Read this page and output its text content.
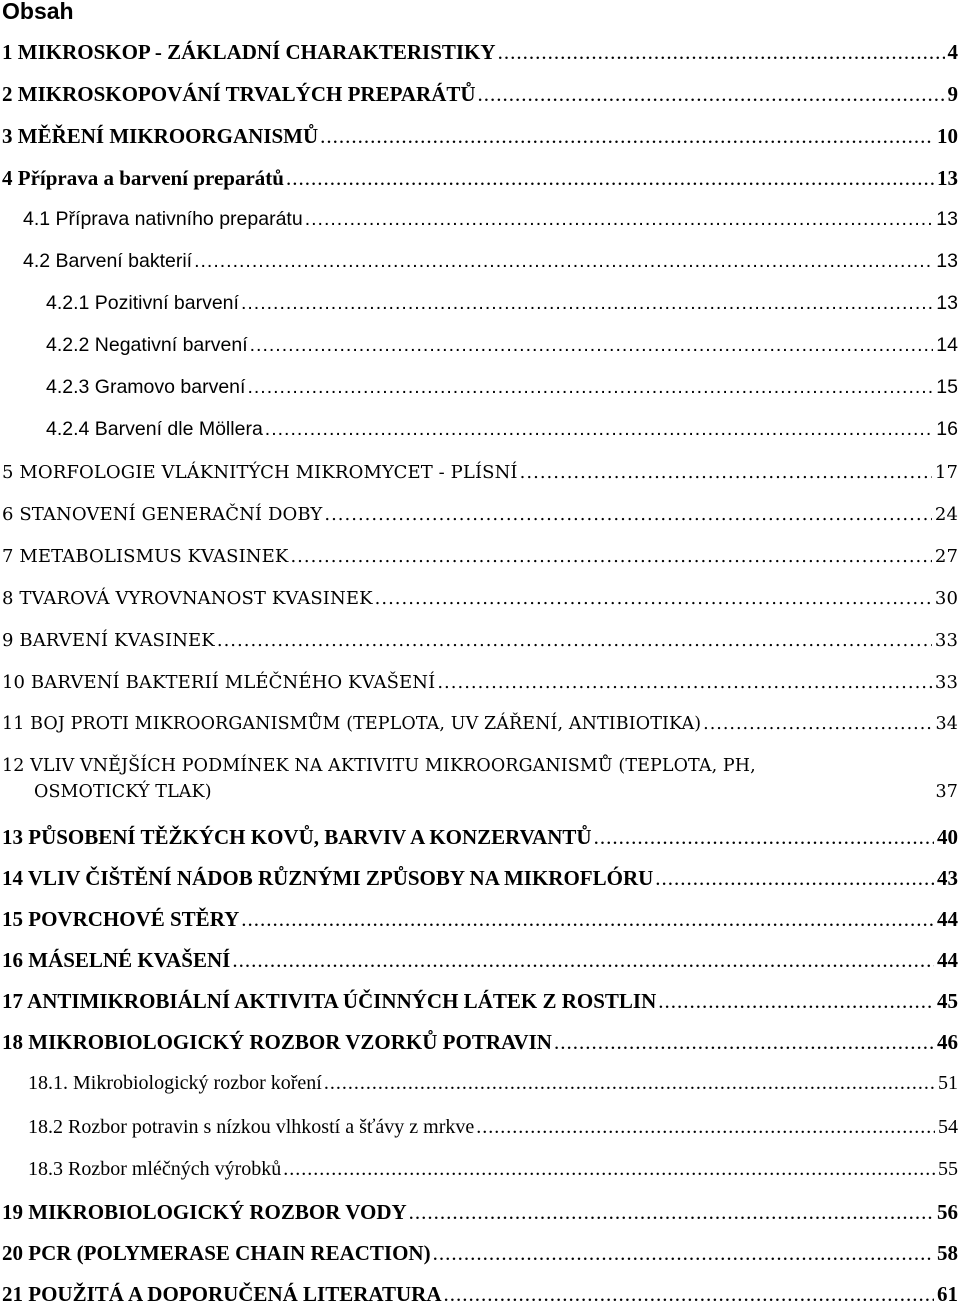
Obsah
1 MIKROSKOP - ZÁKLADNÍ CHARAKTERISTIKY .....	4
2 MIKROSKOPOVÁNÍ TRVALÝCH PREPARÁTŮ .....	9
3 MĚŘENÍ MIKROORGANISMŮ .....	10
4 Příprava a barvení preparátů .....	13
4.1 Příprava nativního preparátu .....	13
4.2 Barvení bakterií .....	13
4.2.1 Pozitivní barvení .....	13
4.2.2 Negativní barvení .....	14
4.2.3 Gramovo barvení .....	15
4.2.4 Barvení dle Möllera .....	16
5 MORFOLOGIE VLÁKNITÝCH MIKROMYCET - PLÍSNÍ .....	17
6 STANOVENÍ GENERAČNÍ DOBY .....	24
7 METABOLISMUS KVASINEK .....	27
8 TVAROVÁ VYROVNANOST KVASINEK .....	30
9 BARVENÍ KVASINEK .....	33
10 BARVENÍ BAKTERIÍ MLÉČNÉHO KVAŠENÍ .....	33
11 BOJ PROTI MIKROORGANISMŮM (TEPLOTA, UV ZÁŘENÍ, ANTIBIOTIKA) .....	34
12 VLIV VNĚJŠÍCH PODMÍNEK NA AKTIVITU MIKROORGANISMŮ (TEPLOTA, PH,
OSMOTICKÝ TLAK)	37
13 PŮSOBENÍ TĚŽKÝCH KOVŮ, BARVIV A KONZERVANTŮ .....	40
14 VLIV ČIŠTĚNÍ NÁDOB RŮZNÝMI ZPŮSOBY NA MIKROFLÓRU .....	43
15 POVRCHOVÉ STĚRY .....	44
16 MÁSELNÉ KVAŠENÍ .....	44
17 ANTIMIKROBIÁLNÍ AKTIVITA ÚČINNÝCH LÁTEK Z ROSTLIN .....	45
18 MIKROBIOLOGICKÝ ROZBOR VZORKŮ POTRAVIN .....	46
18.1. Mikrobiologický rozbor koření .....	51
18.2 Rozbor potravin s nízkou vlhkostí a šťávy z mrkve .....	54
18.3 Rozbor mléčných výrobků .....	55
19 MIKROBIOLOGICKÝ ROZBOR VODY .....	56
20 PCR (POLYMERASE CHAIN REACTION) .....	58
21 POUŽITÁ A DOPORUČENÁ LITERATURA .....	61
